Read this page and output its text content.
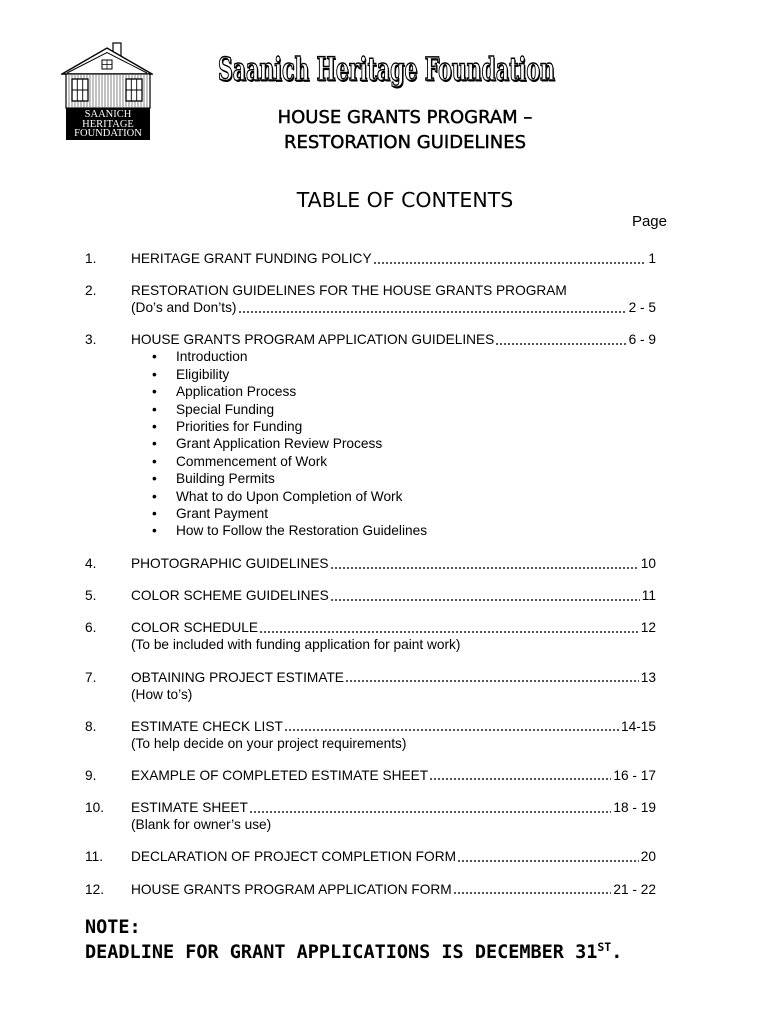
SAANICH
HERITAGE
FOUNDATION
Saanich Heritage Foundation
HOUSE GRANTS PROGRAM –
RESTORATION GUIDELINES
TABLE OF CONTENTS
Page
1.	HERITAGE GRANT FUNDING POLICY	1
2.	RESTORATION GUIDELINES FOR THE HOUSE GRANTS PROGRAM
(Do’s and Don’ts)	2 - 5
3.	HOUSE GRANTS PROGRAM APPLICATION GUIDELINES	6 - 9
•
Introduction
•
Eligibility
•
Application Process
•
Special Funding
•
Priorities for Funding
•
Grant Application Review Process
•
Commencement of Work
•
Building Permits
•
What to do Upon Completion of Work
•
Grant Payment
•
How to Follow the Restoration Guidelines
4.	PHOTOGRAPHIC GUIDELINES	10
5.	COLOR SCHEME GUIDELINES	11
6.	COLOR SCHEDULE	12
(To be included with funding application for paint work)
7.	OBTAINING PROJECT ESTIMATE	13
(How to’s)
8.	ESTIMATE CHECK LIST	14-15
(To help decide on your project requirements)
9.	EXAMPLE OF COMPLETED ESTIMATE SHEET	16 - 17
10.	ESTIMATE SHEET	18 - 19
(Blank for owner’s use)
11.	DECLARATION OF PROJECT COMPLETION FORM	20
12.	HOUSE GRANTS PROGRAM APPLICATION FORM	21 - 22
NOTE:
DEADLINE FOR GRANT APPLICATIONS IS DECEMBER 31ST.
